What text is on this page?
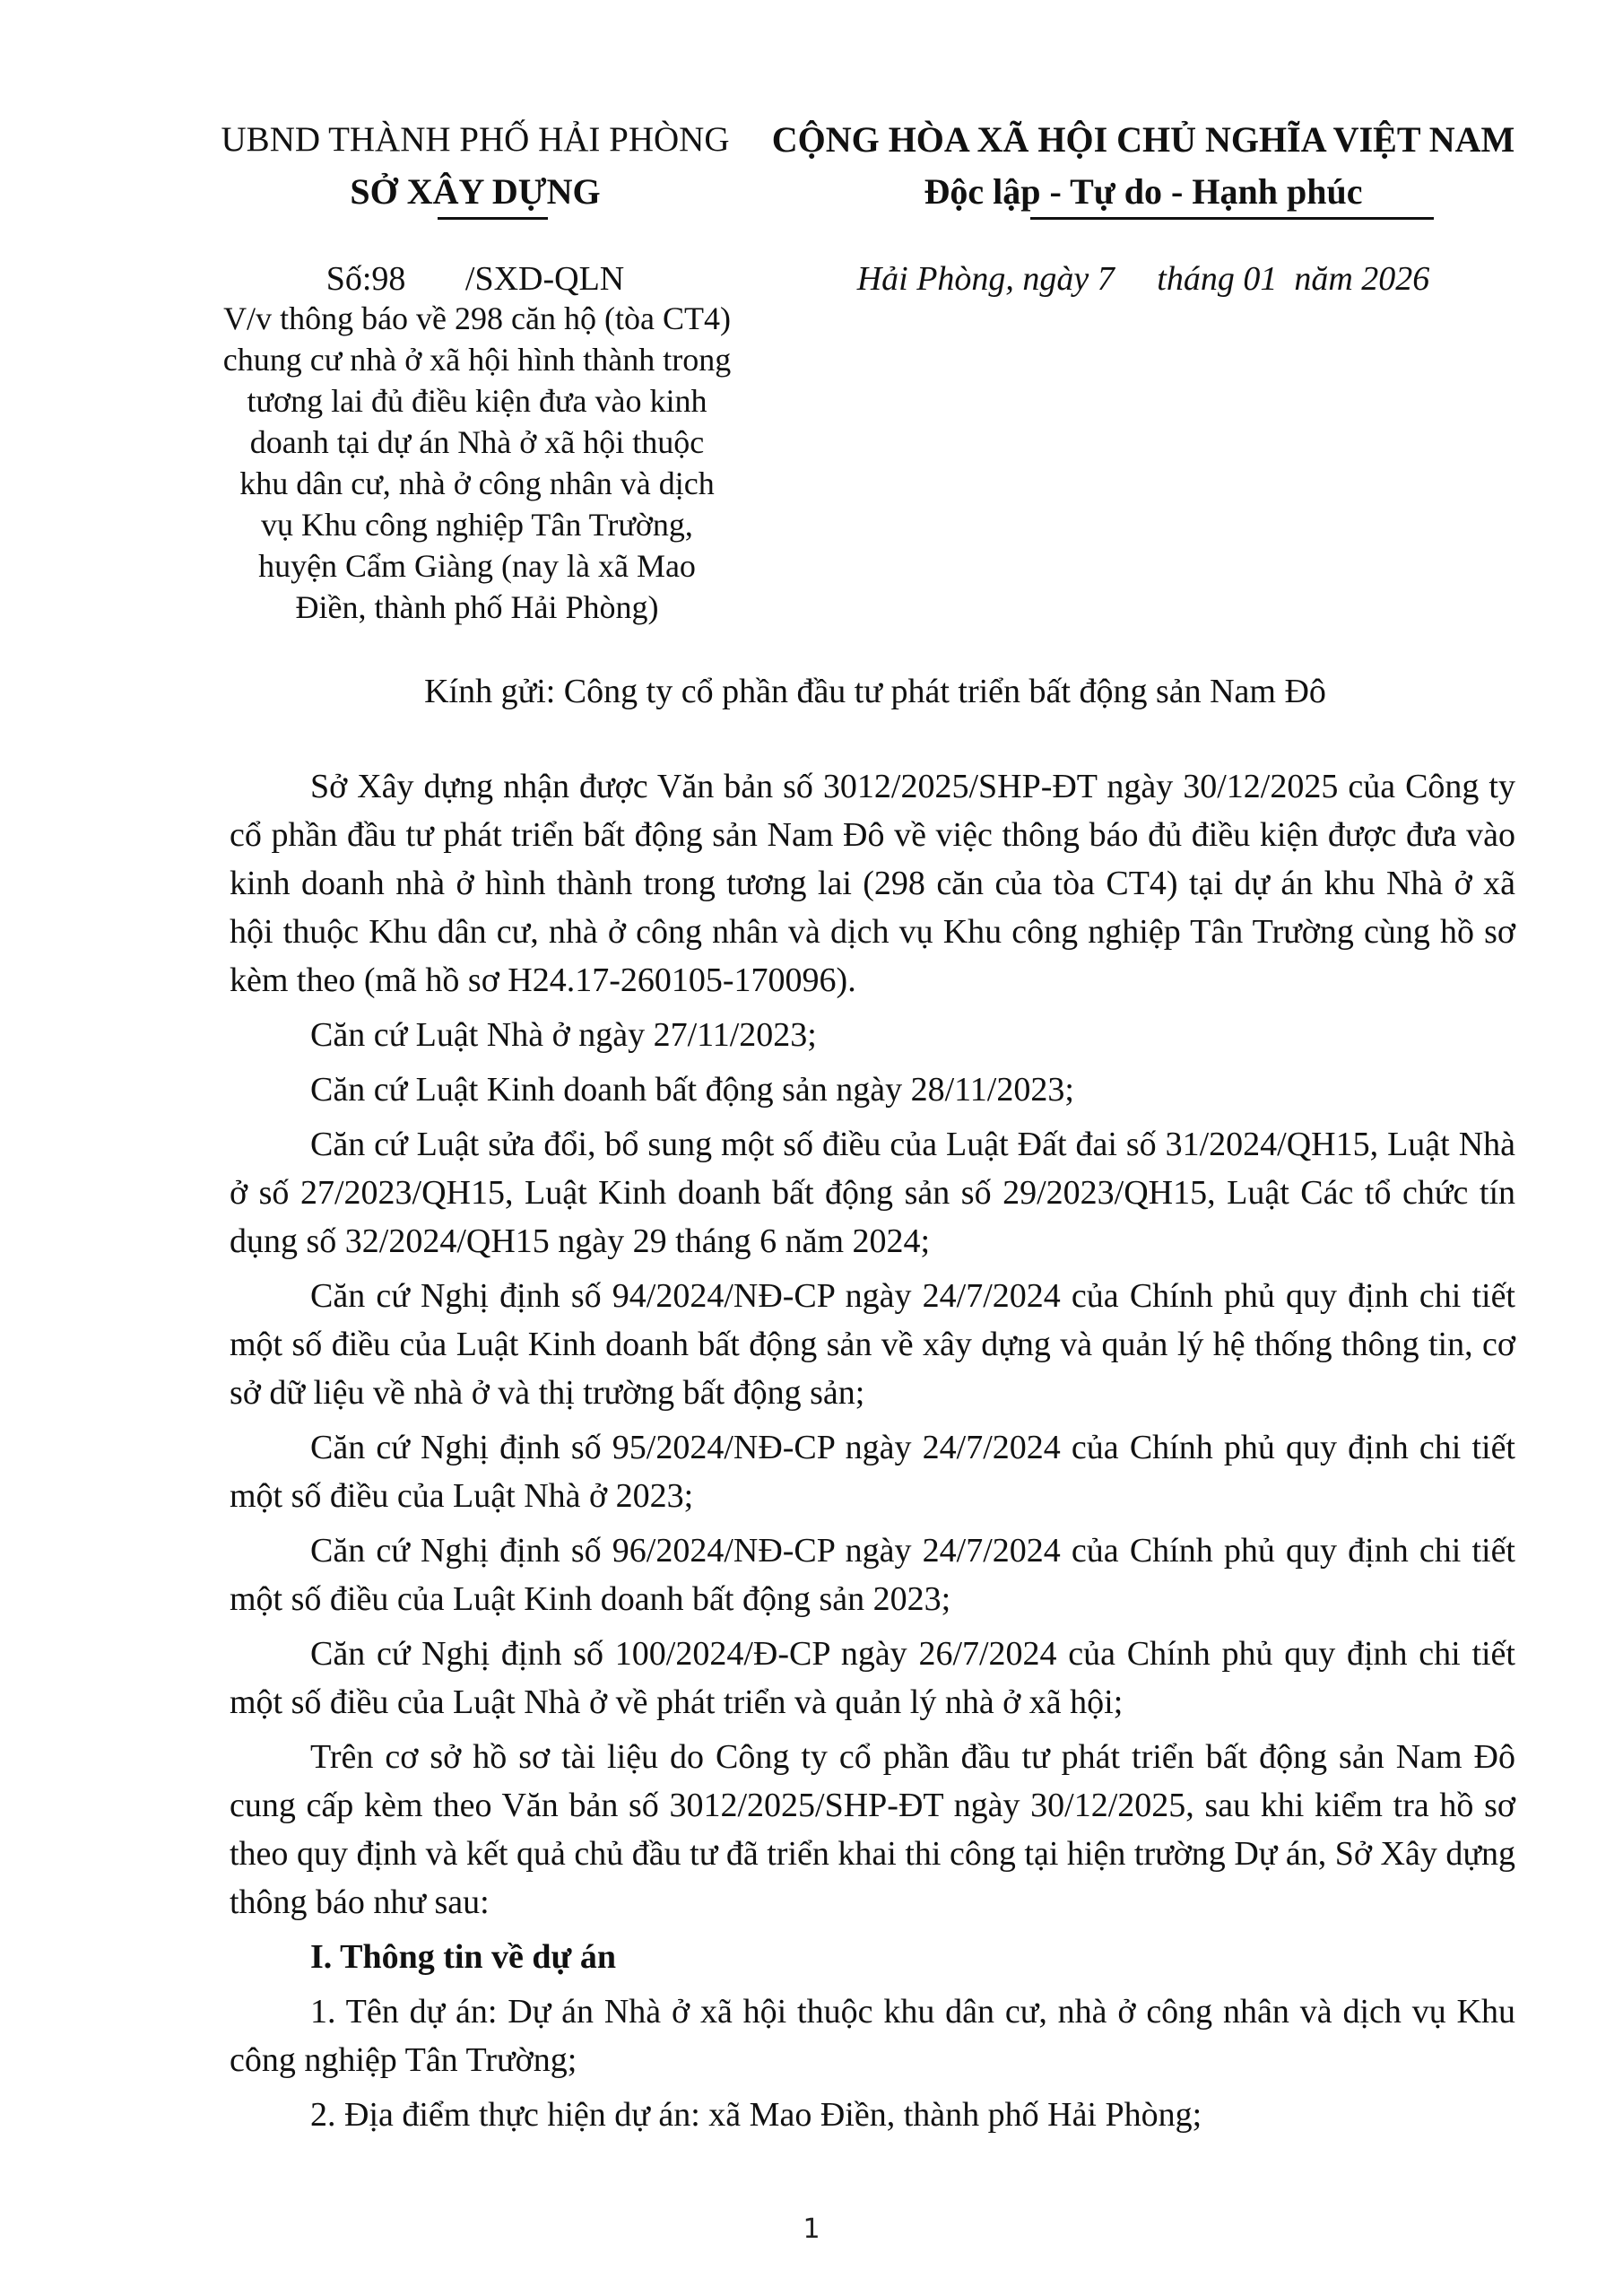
UBND THÀNH PHỐ HẢI PHÒNG
SỞ XÂY DỰNG
CỘNG HÒA XÃ HỘI CHỦ NGHĨA VIỆT NAM
Độc lập - Tự do - Hạnh phúc
Số:98       /SXD-QLN
V/v thông báo về 298 căn hộ (tòa CT4)
chung cư nhà ở xã hội hình thành trong
tương lai đủ điều kiện đưa vào kinh
doanh tại dự án Nhà ở xã hội thuộc
khu dân cư, nhà ở công nhân và dịch
vụ Khu công nghiệp Tân Trường,
huyện Cẩm Giàng (nay là xã Mao
Điền, thành phố Hải Phòng)
Hải Phòng, ngày 7     tháng 01  năm 2026
Kính gửi: Công ty cổ phần đầu tư phát triển bất động sản Nam Đô

Sở Xây dựng nhận được Văn bản số 3012/2025/SHP-ĐT ngày 30/12/2025 của Công ty cổ phần đầu tư phát triển bất động sản Nam Đô về việc thông báo đủ điều kiện được đưa vào kinh doanh nhà ở hình thành trong tương lai (298 căn của tòa CT4) tại dự án khu Nhà ở xã hội thuộc Khu dân cư, nhà ở công nhân và dịch vụ Khu công nghiệp Tân Trường cùng hồ sơ kèm theo (mã hồ sơ H24.17-260105-170096).

Căn cứ Luật Nhà ở ngày 27/11/2023;

Căn cứ Luật Kinh doanh bất động sản ngày 28/11/2023;

Căn cứ Luật sửa đổi, bổ sung một số điều của Luật Đất đai số 31/2024/QH15, Luật Nhà ở số 27/2023/QH15, Luật Kinh doanh bất động sản số 29/2023/QH15, Luật Các tổ chức tín dụng số 32/2024/QH15 ngày 29 tháng 6 năm 2024;

Căn cứ Nghị định số 94/2024/NĐ-CP ngày 24/7/2024 của Chính phủ quy định chi tiết một số điều của Luật Kinh doanh bất động sản về xây dựng và quản lý hệ thống thông tin, cơ sở dữ liệu về nhà ở và thị trường bất động sản;

Căn cứ Nghị định số 95/2024/NĐ-CP ngày 24/7/2024 của Chính phủ quy định chi tiết một số điều của Luật Nhà ở 2023;

Căn cứ Nghị định số 96/2024/NĐ-CP ngày 24/7/2024 của Chính phủ quy định chi tiết một số điều của Luật Kinh doanh bất động sản 2023;

Căn cứ Nghị định số 100/2024/Đ-CP ngày 26/7/2024 của Chính phủ quy định chi tiết một số điều của Luật Nhà ở về phát triển và quản lý nhà ở xã hội;

Trên cơ sở hồ sơ tài liệu do Công ty cổ phần đầu tư phát triển bất động sản Nam Đô cung cấp kèm theo Văn bản số 3012/2025/SHP-ĐT ngày 30/12/2025, sau khi kiểm tra hồ sơ theo quy định và kết quả chủ đầu tư đã triển khai thi công tại hiện trường Dự án, Sở Xây dựng thông báo như sau:

I. Thông tin về dự án

1. Tên dự án: Dự án Nhà ở xã hội thuộc khu dân cư, nhà ở công nhân và dịch vụ Khu công nghiệp Tân Trường;

2. Địa điểm thực hiện dự án: xã Mao Điền, thành phố Hải Phòng;

1
